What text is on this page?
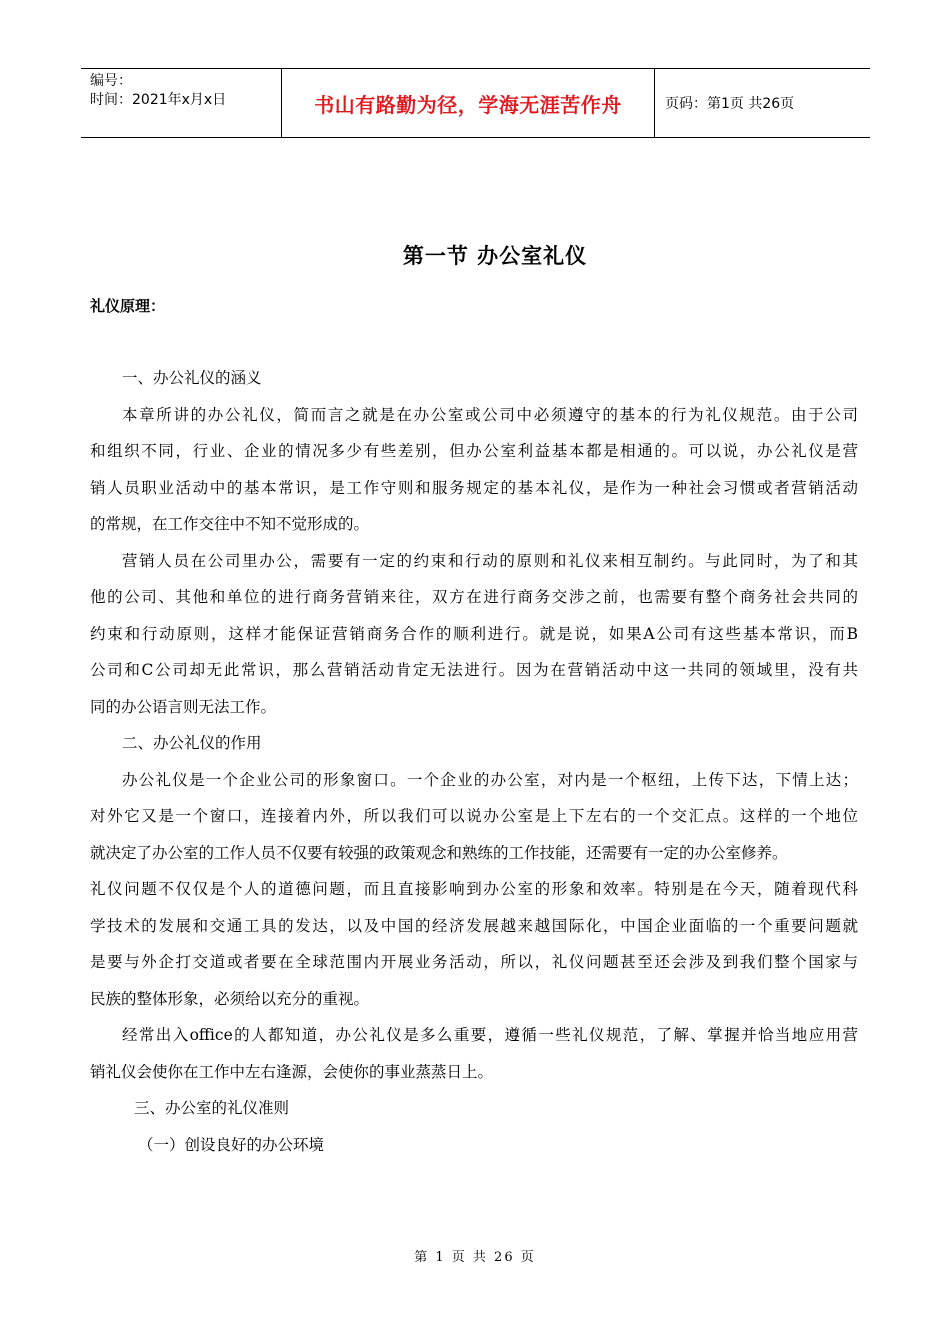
编号：
时间：2021年x月x日	书山有路勤为径，学海无涯苦作舟	页码：第1页 共26页
第一节 办公室礼仪
礼仪原理：
一、办公礼仪的涵义
本章所讲的办公礼仪，简而言之就是在办公室或公司中必须遵守的基本的行为礼仪规范。由于公司
和组织不同，行业、企业的情况多少有些差别，但办公室利益基本都是相通的。可以说，办公礼仪是营
销人员职业活动中的基本常识，是工作守则和服务规定的基本礼仪，是作为一种社会习惯或者营销活动
的常规，在工作交往中不知不觉形成的。
营销人员在公司里办公，需要有一定的约束和行动的原则和礼仪来相互制约。与此同时，为了和其
他的公司、其他和单位的进行商务营销来往，双方在进行商务交涉之前，也需要有整个商务社会共同的
约束和行动原则，这样才能保证营销商务合作的顺利进行。就是说，如果A公司有这些基本常识，而B
公司和C公司却无此常识，那么营销活动肯定无法进行。因为在营销活动中这一共同的领域里，没有共
同的办公语言则无法工作。
二、办公礼仪的作用
办公礼仪是一个企业公司的形象窗口。一个企业的办公室，对内是一个枢纽，上传下达，下情上达；
对外它又是一个窗口，连接着内外，所以我们可以说办公室是上下左右的一个交汇点。这样的一个地位
就决定了办公室的工作人员不仅要有较强的政策观念和熟练的工作技能，还需要有一定的办公室修养。
礼仪问题不仅仅是个人的道德问题，而且直接影响到办公室的形象和效率。特别是在今天，随着现代科
学技术的发展和交通工具的发达，以及中国的经济发展越来越国际化，中国企业面临的一个重要问题就
是要与外企打交道或者要在全球范围内开展业务活动，所以，礼仪问题甚至还会涉及到我们整个国家与
民族的整体形象，必须给以充分的重视。
经常出入office的人都知道，办公礼仪是多么重要，遵循一些礼仪规范，了解、掌握并恰当地应用营
销礼仪会使你在工作中左右逢源，会使你的事业蒸蒸日上。
三、办公室的礼仪准则
（一）创设良好的办公环境
第 1 页 共 26 页
